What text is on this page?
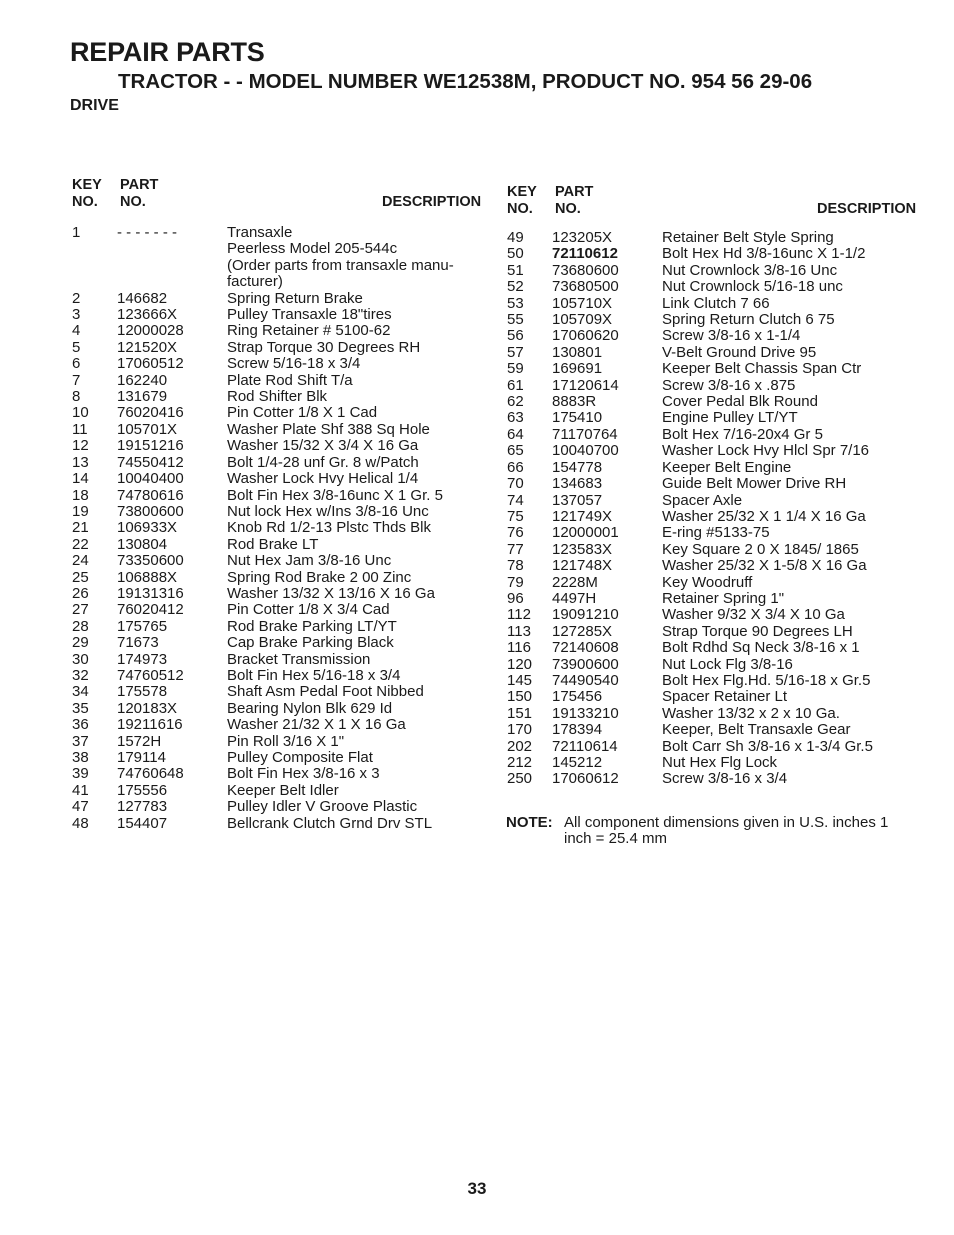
REPAIR PARTS
TRACTOR - - MODEL NUMBER WE12538M, PRODUCT NO. 954 56 29-06
DRIVE
KEY
NO.
PART
NO.	DESCRIPTION
1 - - - - - - -	Transaxle
Peerless Model 205-544c
(Order parts from transaxle manu-facturer)
2 146682	Spring Return Brake
3 123666X	Pulley Transaxle 18"tires
4 12000028	Ring Retainer # 5100-62
5 121520X	Strap Torque 30 Degrees RH
6 17060512	Screw 5/16-18 x 3/4
7 162240	Plate Rod Shift T/a
8 131679	Rod Shifter Blk
10 76020416	Pin Cotter 1/8 X 1 Cad
11 105701X	Washer Plate Shf 388 Sq Hole
12 19151216	Washer 15/32 X 3/4 X 16 Ga
13 74550412	Bolt 1/4-28 unf Gr. 8 w/Patch
14 10040400	Washer Lock Hvy Helical 1/4
18 74780616	Bolt Fin Hex 3/8-16unc X 1 Gr. 5
19 73800600	Nut lock Hex w/Ins 3/8-16 Unc
21 106933X	Knob Rd 1/2-13 Plstc Thds Blk
22 130804	Rod Brake LT
24 73350600	Nut Hex Jam 3/8-16 Unc
25 106888X	Spring Rod Brake 2 00 Zinc
26 19131316	Washer 13/32 X 13/16 X 16 Ga
27 76020412	Pin Cotter 1/8 X 3/4 Cad
28 175765	Rod Brake Parking LT/YT
29 71673	Cap Brake Parking Black
30 174973	Bracket Transmission
32 74760512	Bolt Fin Hex 5/16-18 x 3/4
34 175578	Shaft Asm Pedal Foot Nibbed
35 120183X	Bearing Nylon Blk 629 Id
36 19211616	Washer 21/32 X 1 X 16 Ga
37 1572H	Pin Roll 3/16 X 1"
38 179114	Pulley Composite Flat
39 74760648	Bolt Fin Hex 3/8-16 x 3
41 175556	Keeper Belt Idler
47 127783	Pulley Idler V Groove Plastic
48 154407	Bellcrank Clutch Grnd Drv STL
KEY
NO.
PART
NO.	DESCRIPTION
49 123205X	Retainer Belt Style Spring
50 72110612	Bolt Hex Hd 3/8-16unc X 1-1/2
51 73680600	Nut Crownlock 3/8-16 Unc
52 73680500	Nut Crownlock 5/16-18 unc
53 105710X	Link Clutch 7 66
55 105709X	Spring Return Clutch 6 75
56 17060620	Screw 3/8-16 x 1-1/4
57 130801	V-Belt Ground Drive 95
59 169691	Keeper Belt Chassis Span Ctr
61 17120614	Screw 3/8-16 x .875
62 8883R	Cover Pedal Blk Round
63 175410	Engine Pulley LT/YT
64 71170764	Bolt Hex 7/16-20x4 Gr 5
65 10040700	Washer Lock Hvy Hlcl Spr 7/16
66 154778	Keeper Belt Engine
70 134683	Guide Belt Mower Drive RH
74 137057	Spacer Axle
75 121749X	Washer 25/32 X 1 1/4 X 16 Ga
76 12000001	E-ring #5133-75
77 123583X	Key Square 2 0 X 1845/ 1865
78 121748X	Washer 25/32 X 1-5/8 X 16 Ga
79 2228M	Key Woodruff
96 4497H	Retainer Spring 1"
112 19091210	Washer 9/32 X 3/4 X 10 Ga
113 127285X	Strap Torque 90 Degrees LH
116 72140608	Bolt Rdhd Sq Neck 3/8-16 x 1
120 73900600	Nut Lock Flg 3/8-16
145 74490540	Bolt Hex Flg.Hd. 5/16-18 x Gr.5
150 175456	Spacer Retainer Lt
151 19133210	Washer 13/32 x 2 x 10 Ga.
170 178394	Keeper, Belt Transaxle Gear
202 72110614	Bolt Carr Sh 3/8-16 x 1-3/4 Gr.5
212 145212	Nut Hex Flg Lock
250 17060612	Screw 3/8-16 x 3/4
NOTE: All component dimensions given in U.S. inches 1 inch = 25.4 mm
33
